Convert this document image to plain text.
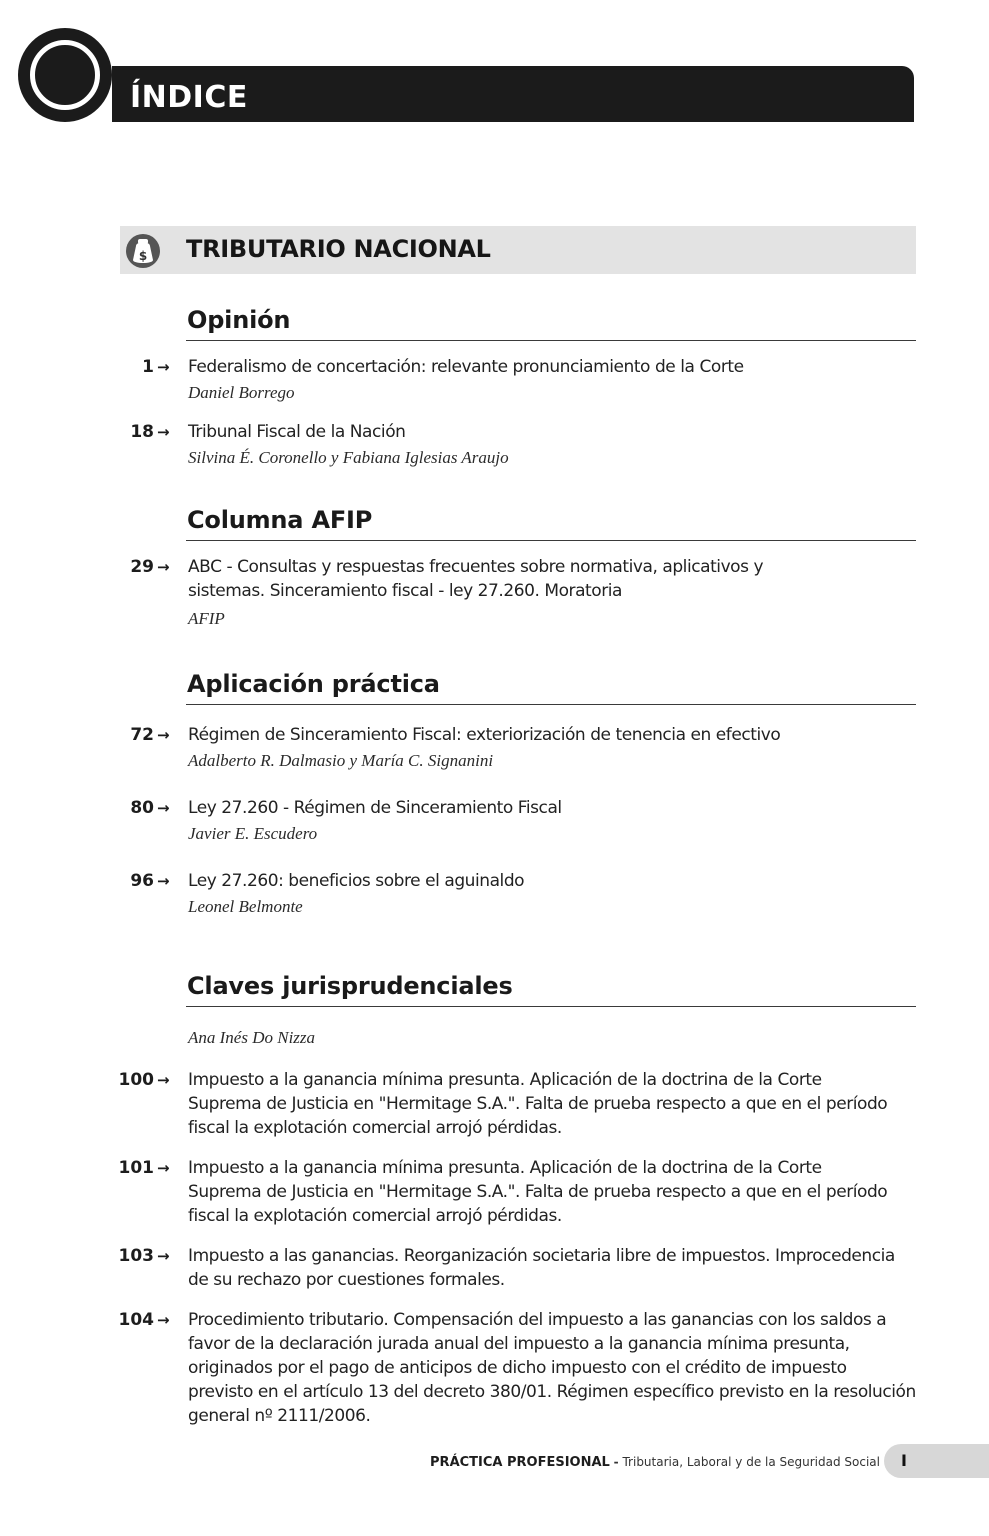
ÍNDICE
$ TRIBUTARIO NACIONAL
Opinión
1 → Federalismo de concertación: relevante pronunciamiento de la Corte
Daniel Borrego
18 → Tribunal Fiscal de la Nación
Silvina É. Coronello y Fabiana Iglesias Araujo
Columna AFIP
29 → ABC - Consultas y respuestas frecuentes sobre normativa, aplicativos y sistemas. Sinceramiento fiscal - ley 27.260. Moratoria
AFIP
Aplicación práctica
72 → Régimen de Sinceramiento Fiscal: exteriorización de tenencia en efectivo
Adalberto R. Dalmasio y María C. Signanini
80 → Ley 27.260 - Régimen de Sinceramiento Fiscal
Javier E. Escudero
96 → Ley 27.260: beneficios sobre el aguinaldo
Leonel Belmonte
Claves jurisprudenciales
Ana Inés Do Nizza
100 → Impuesto a la ganancia mínima presunta. Aplicación de la doctrina de la Corte Suprema de Justicia en "Hermitage S.A.". Falta de prueba respecto a que en el período fiscal la explotación comercial arrojó pérdidas.
101 → Impuesto a la ganancia mínima presunta. Aplicación de la doctrina de la Corte Suprema de Justicia en "Hermitage S.A.". Falta de prueba respecto a que en el período fiscal la explotación comercial arrojó pérdidas.
103 → Impuesto a las ganancias. Reorganización societaria libre de impuestos. Improcedencia de su rechazo por cuestiones formales.
104 → Procedimiento tributario. Compensación del impuesto a las ganancias con los saldos a favor de la declaración jurada anual del impuesto a la ganancia mínima presunta, originados por el pago de anticipos de dicho impuesto con el crédito de impuesto previsto en el artículo 13 del decreto 380/01. Régimen específico previsto en la resolución general nº 2111/2006.
PRÁCTICA PROFESIONAL - Tributaria, Laboral y de la Seguridad Social	I
